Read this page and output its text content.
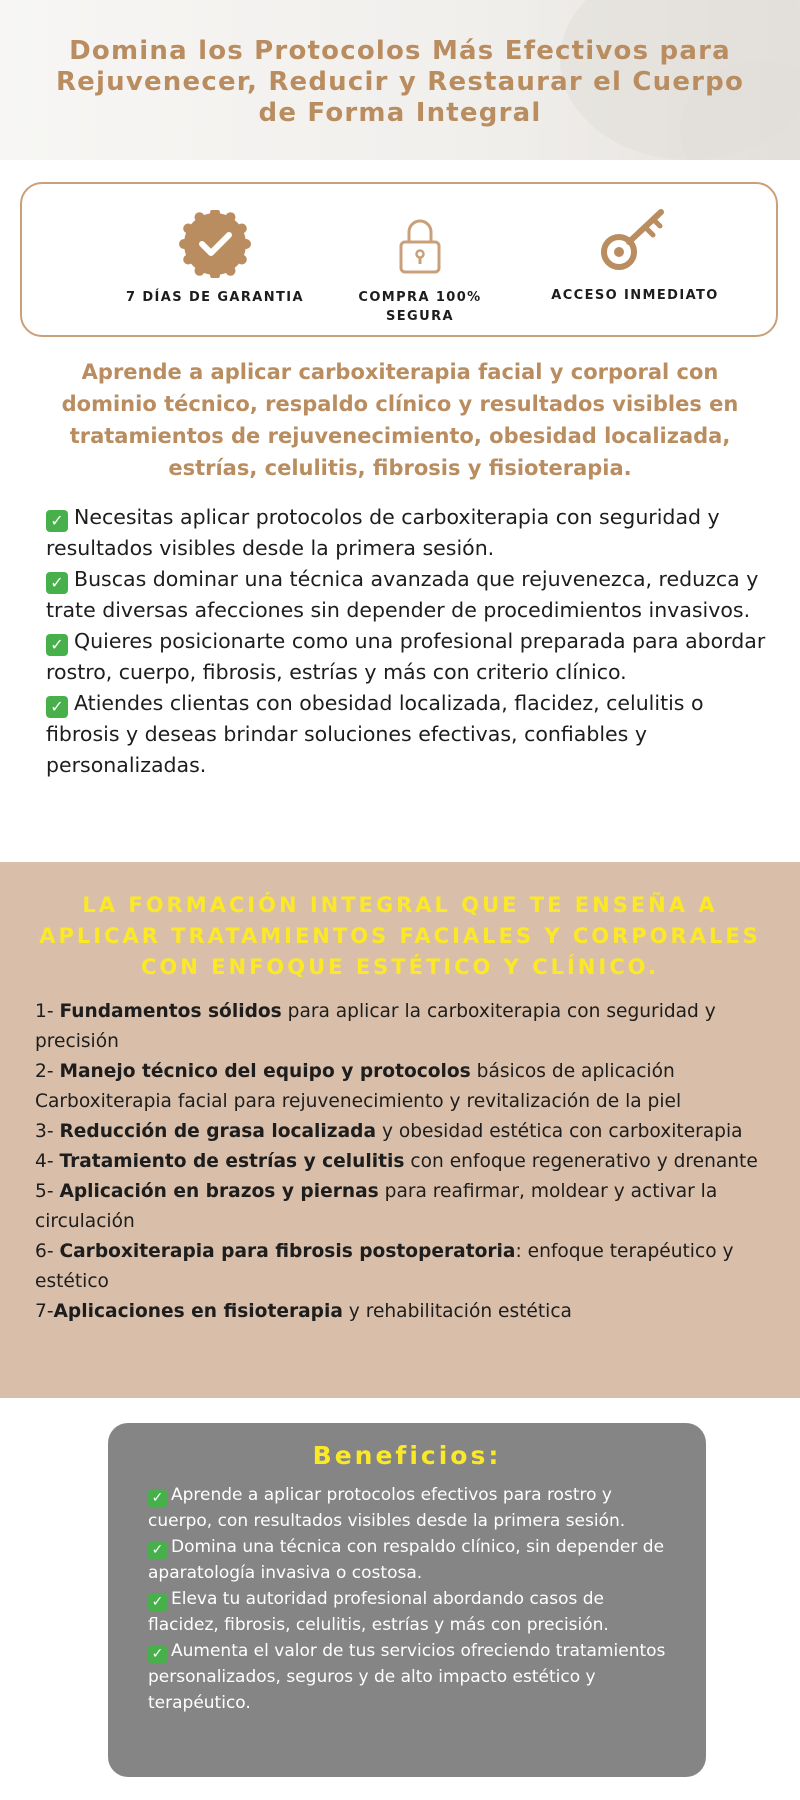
Domina los Protocolos Más Efectivos para Rejuvenecer, Reducir y Restaurar el Cuerpo de Forma Integral
7 DÍAS DE GARANTIA	COMPRA 100% SEGURA
ACCESO INMEDIATO
Aprende a aplicar carboxiterapia facial y corporal con dominio técnico, respaldo clínico y resultados visibles en tratamientos de rejuvenecimiento, obesidad localizada, estrías, celulitis, fibrosis y fisioterapia.
✓ Necesitas aplicar protocolos de carboxiterapia con seguridad y resultados visibles desde la primera sesión.
✓ Buscas dominar una técnica avanzada que rejuvenezca, reduzca y trate diversas afecciones sin depender de procedimientos invasivos.
✓ Quieres posicionarte como una profesional preparada para abordar rostro, cuerpo, fibrosis, estrías y más con criterio clínico.
✓ Atiendes clientas con obesidad localizada, flacidez, celulitis o fibrosis y deseas brindar soluciones efectivas, confiables y personalizadas.
LA FORMACIÓN INTEGRAL QUE TE ENSEÑA A APLICAR TRATAMIENTOS FACIALES Y CORPORALES CON ENFOQUE ESTÉTICO Y CLÍNICO.
1- Fundamentos sólidos para aplicar la carboxiterapia con seguridad y precisión
2- Manejo técnico del equipo y protocolos básicos de aplicación
Carboxiterapia facial para rejuvenecimiento y revitalización de la piel
3- Reducción de grasa localizada y obesidad estética con carboxiterapia
4- Tratamiento de estrías y celulitis con enfoque regenerativo y drenante
5- Aplicación en brazos y piernas para reafirmar, moldear y activar la circulación
6- Carboxiterapia para fibrosis postoperatoria: enfoque terapéutico y estético
7-Aplicaciones en fisioterapia y rehabilitación estética
Beneficios:
✓ Aprende a aplicar protocolos efectivos para rostro y cuerpo, con resultados visibles desde la primera sesión.
✓ Domina una técnica con respaldo clínico, sin depender de aparatología invasiva o costosa.
✓ Eleva tu autoridad profesional abordando casos de flacidez, fibrosis, celulitis, estrías y más con precisión.
✓ Aumenta el valor de tus servicios ofreciendo tratamientos personalizados, seguros y de alto impacto estético y terapéutico.
